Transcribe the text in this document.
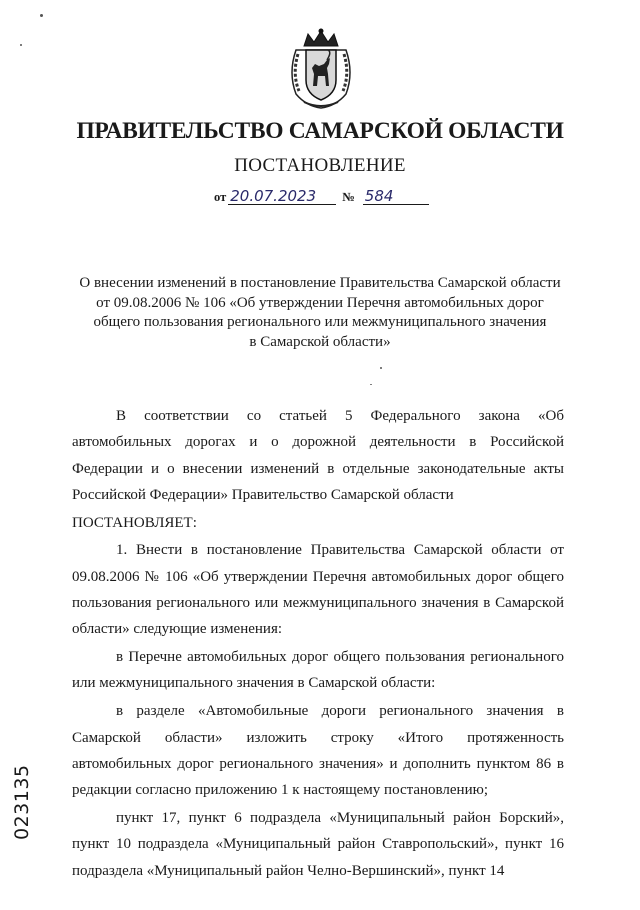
ПРАВИТЕЛЬСТВО САМАРСКОЙ ОБЛАСТИ
ПОСТАНОВЛЕНИЕ
от 20.07.2023	№ 584
О внесении изменений в постановление Правительства Самарской области
от 09.08.2006 № 106 «Об утверждении Перечня автомобильных дорог
общего пользования регионального или межмуниципального значения
в Самарской области»

В соответствии со статьей 5 Федерального закона «Об автомобильных дорогах и о дорожной деятельности в Российской Федерации и о внесении изменений в отдельные законодательные акты Российской Федерации» Правительство Самарской области

ПОСТАНОВЛЯЕТ:

1. Внести в постановление Правительства Самарской области от 09.08.2006 № 106 «Об утверждении Перечня автомобильных дорог общего пользования регионального или межмуниципального значения в Самарской области» следующие изменения:

в Перечне автомобильных дорог общего пользования регионального или межмуниципального значения в Самарской области:

в разделе «Автомобильные дороги регионального значения в Самарской области» изложить строку «Итого протяженность автомобильных дорог регионального значения» и дополнить пунктом 86 в редакции согласно приложению 1 к настоящему постановлению;

пункт 17, пункт 6 подраздела «Муниципальный район Борский», пункт 10 подраздела «Муниципальный район Ставропольский», пункт 16 подраздела «Муниципальный район Челно-Вершинский», пункт 14

023135
